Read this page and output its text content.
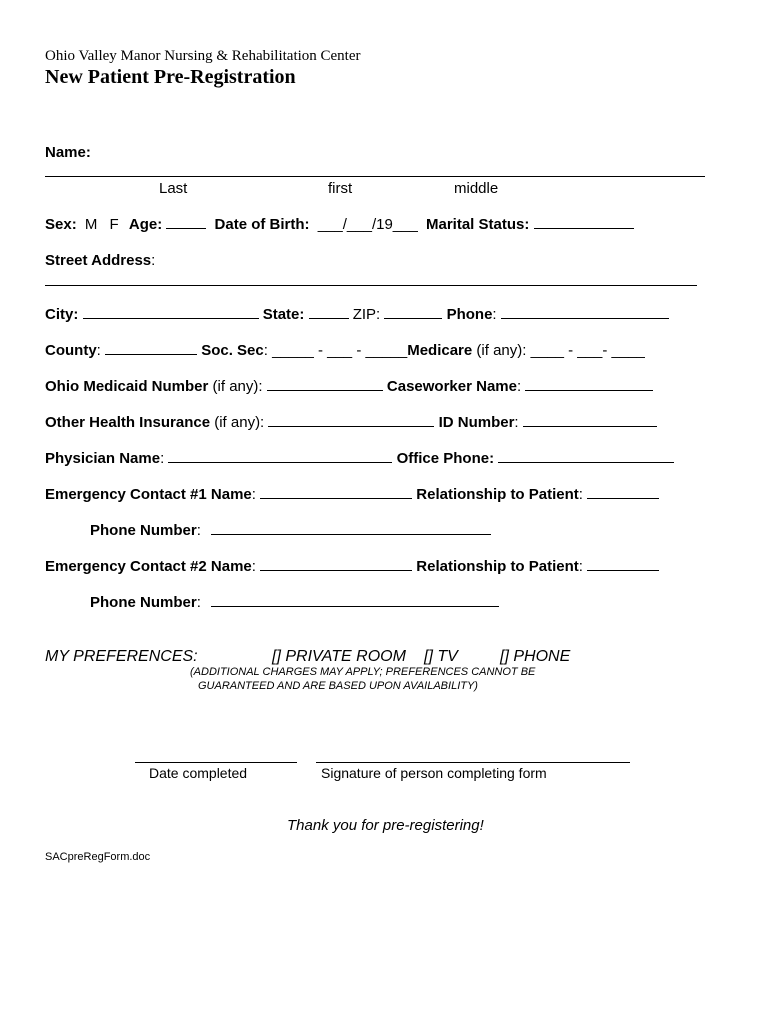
Ohio Valley Manor Nursing & Rehabilitation Center
New Patient Pre-Registration
Name:
Last	first	middle
Sex: M F Age:	Date of Birth: ___/___/19___ Marital Status:
Street Address:
City:	State:	ZIP:	Phone:
County:	Soc. Sec: _____ - ___ - _____Medicare (if any): ____ - ___- ____
Ohio Medicaid Number (if any):	Caseworker Name:
Other Health Insurance (if any):	ID Number:
Physician Name:	Office Phone:
Emergency Contact #1 Name:	Relationship to Patient:
Phone Number:
Emergency Contact #2 Name:	Relationship to Patient:
Phone Number:
MY PREFERENCES:	[] PRIVATE ROOM [] TV	[] PHONE
(ADDITIONAL CHARGES MAY APPLY; PREFERENCES CANNOT BE
GUARANTEED AND ARE BASED UPON AVAILABILITY)
Date completed	Signature of person completing form
Thank you for pre-registering!
SACpreRegForm.doc
